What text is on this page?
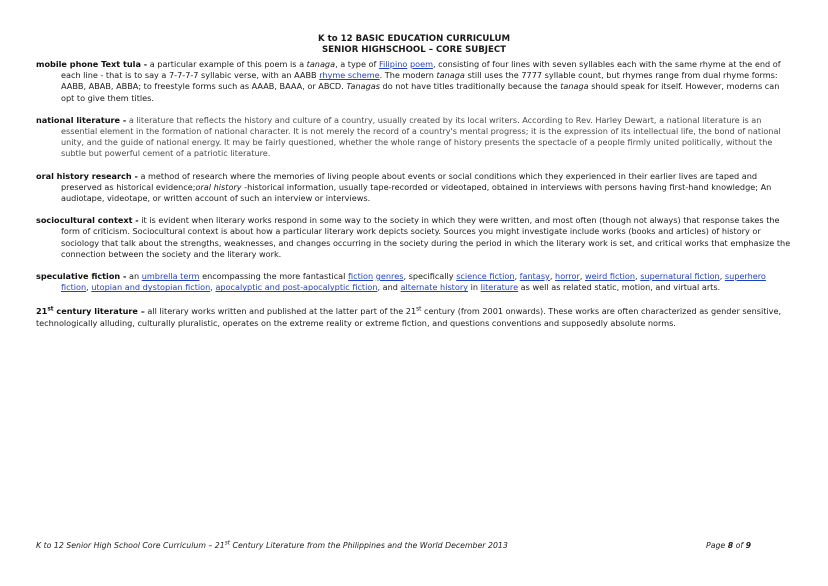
K to 12 BASIC EDUCATION CURRICULUM
SENIOR HIGHSCHOOL – CORE SUBJECT

mobile phone Text tula - a particular example of this poem is a tanaga, a type of Filipino poem, consisting of four lines with seven syllables each with the same rhyme at the end of each line - that is to say a 7-7-7-7 syllabic verse, with an AABB rhyme scheme. The modern tanaga still uses the 7777 syllable count, but rhymes range from dual rhyme forms: AABB, ABAB, ABBA; to freestyle forms such as AAAB, BAAA, or ABCD. Tanagas do not have titles traditionally because the tanaga should speak for itself. However, moderns can opt to give them titles.

national literature - a literature that reflects the history and culture of a country, usually created by its local writers. According to Rev. Harley Dewart, a national literature is an essential element in the formation of national character. It is not merely the record of a country's mental progress; it is the expression of its intellectual life, the bond of national unity, and the guide of national energy. It may be fairly questioned, whether the whole range of history presents the spectacle of a people firmly united politically, without the subtle but powerful cement of a patriotic literature.

oral history research - a method of research where the memories of living people about events or social conditions which they experienced in their earlier lives are taped and preserved as historical evidence;oral history -historical information, usually tape-recorded or videotaped, obtained in interviews with persons having first-hand knowledge; An audiotape, videotape, or written account of such an interview or interviews.

sociocultural context - it is evident when literary works respond in some way to the society in which they were written, and most often (though not always) that response takes the form of criticism. Sociocultural context is about how a particular literary work depicts society. Sources you might investigate include works (books and articles) of history or sociology that talk about the strengths, weaknesses, and changes occurring in the society during the period in which the literary work is set, and critical works that emphasize the connection between the society and the literary work.

speculative fiction - an umbrella term encompassing the more fantastical fiction genres, specifically science fiction, fantasy, horror, weird fiction, supernatural fiction, superhero fiction, utopian and dystopian fiction, apocalyptic and post-apocalyptic fiction, and alternate history in literature as well as related static, motion, and virtual arts.

21st century literature – all literary works written and published at the latter part of the 21st century (from 2001 onwards). These works are often characterized as gender sensitive, technologically alluding, culturally pluralistic, operates on the extreme reality or extreme fiction, and questions conventions and supposedly absolute norms.

K to 12 Senior High School Core Curriculum – 21st Century Literature from the Philippines and the World December 2013	Page 8 of 9
